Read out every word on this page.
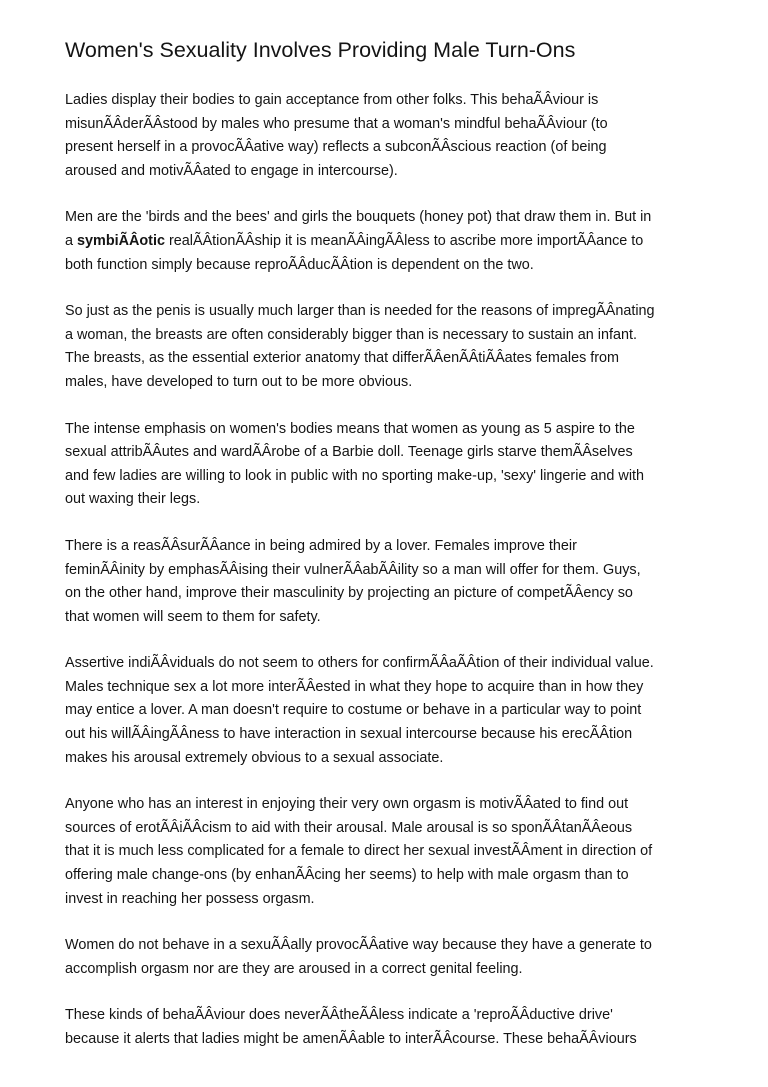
Women's Sexuality Involves Providing Male Turn-Ons
Ladies display their bodies to gain acceptance from other folks. This behaÃÂviour is
misunÃÂderÃÂstood by males who presume that a woman's mindful behaÃÂviour (to
present herself in a provocÃÂative way) reflects a subconÃÂscious reaction (of being
aroused and motivÃÂated to engage in intercourse).
Men are the 'birds and the bees' and girls the bouquets (honey pot) that draw them in. But in
a symbiÃÂotic realÃÂtionÃÂship it is meanÃÂingÃÂless to ascribe more importÃÂance to
both function simply because reproÃÂducÃÂtion is dependent on the two.
So just as the penis is usually much larger than is needed for the reasons of impregÃÂnating
a woman, the breasts are often considerably bigger than is necessary to sustain an infant.
The breasts, as the essential exterior anatomy that differÃÂenÃÂtiÃÂates females from
males, have developed to turn out to be more obvious.
The intense emphasis on women's bodies means that women as young as 5 aspire to the
sexual attribÃÂutes and wardÃÂrobe of a Barbie doll. Teenage girls starve themÃÂselves
and few ladies are willing to look in public with no sporting make-up, 'sexy' lingerie and with
out waxing their legs.
There is a reasÃÂsurÃÂance in being admired by a lover. Females improve their
feminÃÂinity by emphasÃÂising their vulnerÃÂabÃÂility so a man will offer for them. Guys,
on the other hand, improve their masculinity by projecting an picture of competÃÂency so
that women will seem to them for safety.
Assertive indiÃÂviduals do not seem to others for confirmÃÂaÃÂtion of their individual value.
Males technique sex a lot more interÃÂested in what they hope to acquire than in how they
may entice a lover. A man doesn't require to costume or behave in a particular way to point
out his willÃÂingÃÂness to have interaction in sexual intercourse because his erecÃÂtion
makes his arousal extremely obvious to a sexual associate.
Anyone who has an interest in enjoying their very own orgasm is motivÃÂated to find out
sources of erotÃÂiÃÂcism to aid with their arousal. Male arousal is so sponÃÂtanÃÂeous
that it is much less complicated for a female to direct her sexual investÃÂment in direction of
offering male change-ons (by enhanÃÂcing her seems) to help with male orgasm than to
invest in reaching her possess orgasm.
Women do not behave in a sexuÃÂally provocÃÂative way because they have a generate to
accomplish orgasm nor are they are aroused in a correct genital feeling.
These kinds of behaÃÂviour does neverÃÂtheÃÂless indicate a 'reproÃÂductive drive'
because it alerts that ladies might be amenÃÂable to interÃÂcourse. These behaÃÂviours
